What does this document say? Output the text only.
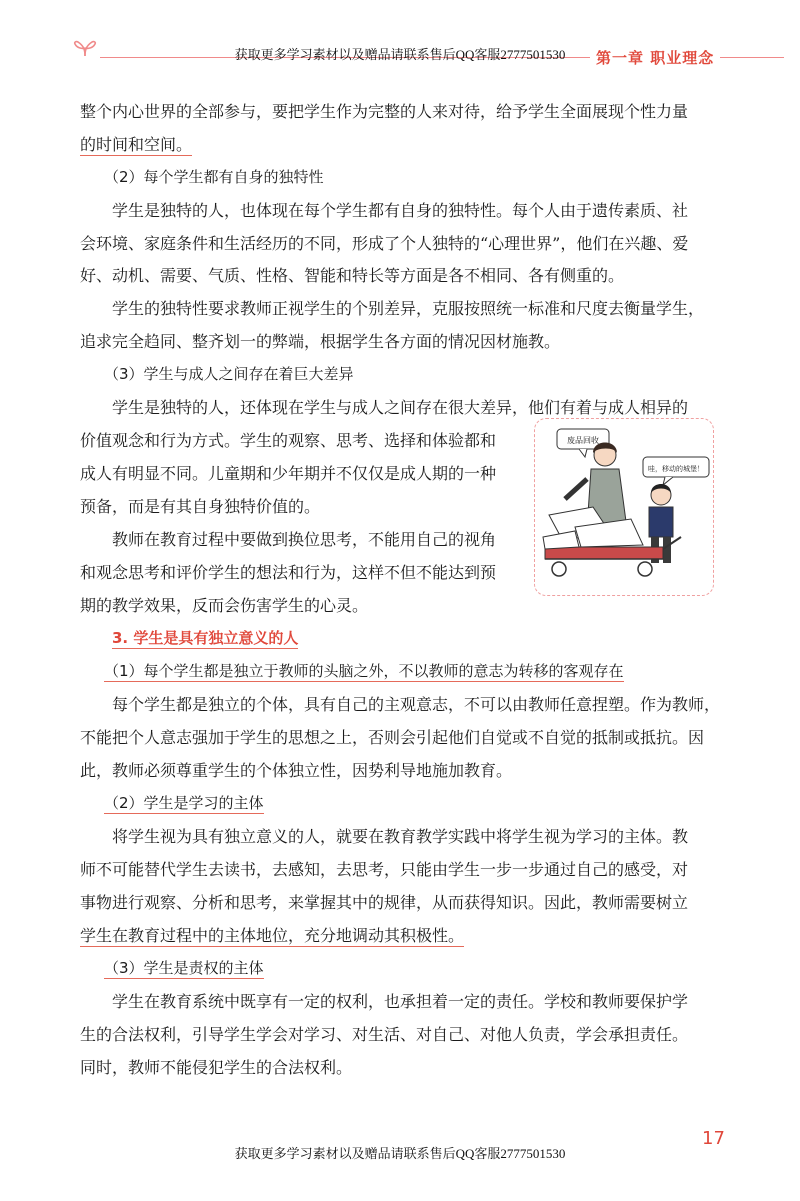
获取更多学习素材以及赠品请联系售后QQ客服2777501530	第一章 职业理念
整个内心世界的全部参与，要把学生作为完整的人来对待，给予学生全面展现个性力量
的时间和空间。
（2）每个学生都有自身的独特性
学生是独特的人，也体现在每个学生都有自身的独特性。每个人由于遗传素质、社
会环境、家庭条件和生活经历的不同，形成了个人独特的“心理世界”，他们在兴趣、爱
好、动机、需要、气质、性格、智能和特长等方面是各不相同、各有侧重的。
学生的独特性要求教师正视学生的个别差异，克服按照统一标准和尺度去衡量学生，
追求完全趋同、整齐划一的弊端，根据学生各方面的情况因材施教。
（3）学生与成人之间存在着巨大差异
学生是独特的人，还体现在学生与成人之间存在很大差异，他们有着与成人相异的
价值观念和行为方式。学生的观察、思考、选择和体验都和
成人有明显不同。儿童期和少年期并不仅仅是成人期的一种
预备，而是有其自身独特价值的。
教师在教育过程中要做到换位思考，不能用自己的视角
和观念思考和评价学生的想法和行为，这样不但不能达到预
期的教学效果，反而会伤害学生的心灵。
3. 学生是具有独立意义的人
（1）每个学生都是独立于教师的头脑之外，不以教师的意志为转移的客观存在
每个学生都是独立的个体，具有自己的主观意志，不可以由教师任意捏塑。作为教师，
不能把个人意志强加于学生的思想之上，否则会引起他们自觉或不自觉的抵制或抵抗。因
此，教师必须尊重学生的个体独立性，因势利导地施加教育。
（2）学生是学习的主体
将学生视为具有独立意义的人，就要在教育教学实践中将学生视为学习的主体。教
师不可能替代学生去读书，去感知，去思考，只能由学生一步一步通过自己的感受，对
事物进行观察、分析和思考，来掌握其中的规律，从而获得知识。因此，教师需要树立
学生在教育过程中的主体地位，充分地调动其积极性。
（3）学生是责权的主体
学生在教育系统中既享有一定的权利，也承担着一定的责任。学校和教师要保护学
生的合法权利，引导学生学会对学习、对生活、对自己、对他人负责，学会承担责任。
同时，教师不能侵犯学生的合法权利。
废品回收
哇，移动的城堡！
获取更多学习素材以及赠品请联系售后QQ客服2777501530
17
